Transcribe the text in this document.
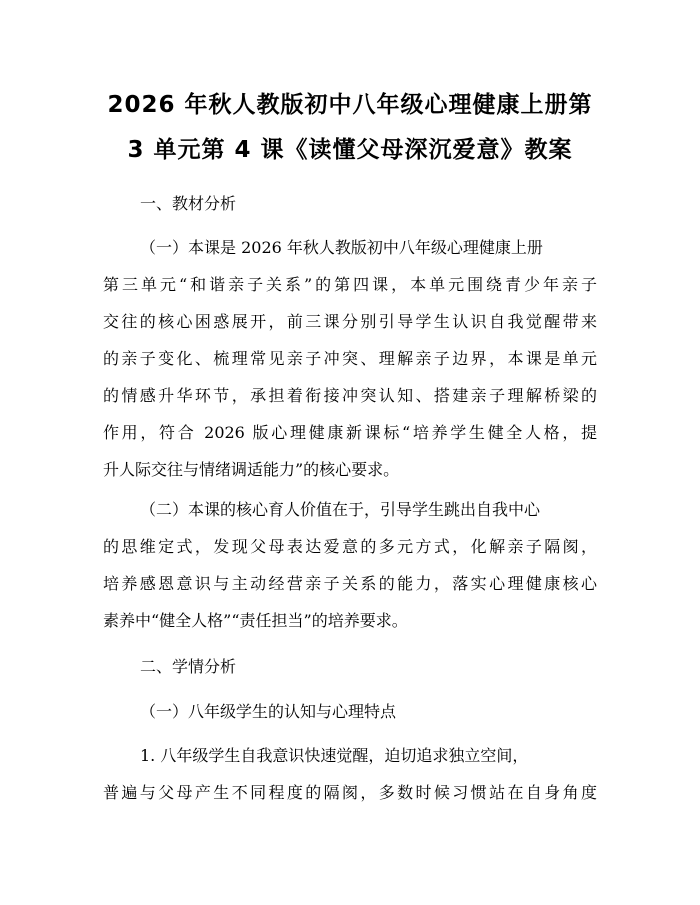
2026 年秋人教版初中八年级心理健康上册第
3 单元第 4 课《读懂父母深沉爱意》教案
一、教材分析
（一）本课是 2026 年秋人教版初中八年级心理健康上册
第三单元“和谐亲子关系”的第四课，本单元围绕青少年亲子
交往的核心困惑展开，前三课分别引导学生认识自我觉醒带来
的亲子变化、梳理常见亲子冲突、理解亲子边界，本课是单元
的情感升华环节，承担着衔接冲突认知、搭建亲子理解桥梁的
作用，符合 2026 版心理健康新课标“培养学生健全人格，提
升人际交往与情绪调适能力”的核心要求。
（二）本课的核心育人价值在于，引导学生跳出自我中心
的思维定式，发现父母表达爱意的多元方式，化解亲子隔阂，
培养感恩意识与主动经营亲子关系的能力，落实心理健康核心
素养中“健全人格”“责任担当”的培养要求。
二、学情分析
（一）八年级学生的认知与心理特点
1. 八年级学生自我意识快速觉醒，迫切追求独立空间，
普遍与父母产生不同程度的隔阂，多数时候习惯站在自身角度
